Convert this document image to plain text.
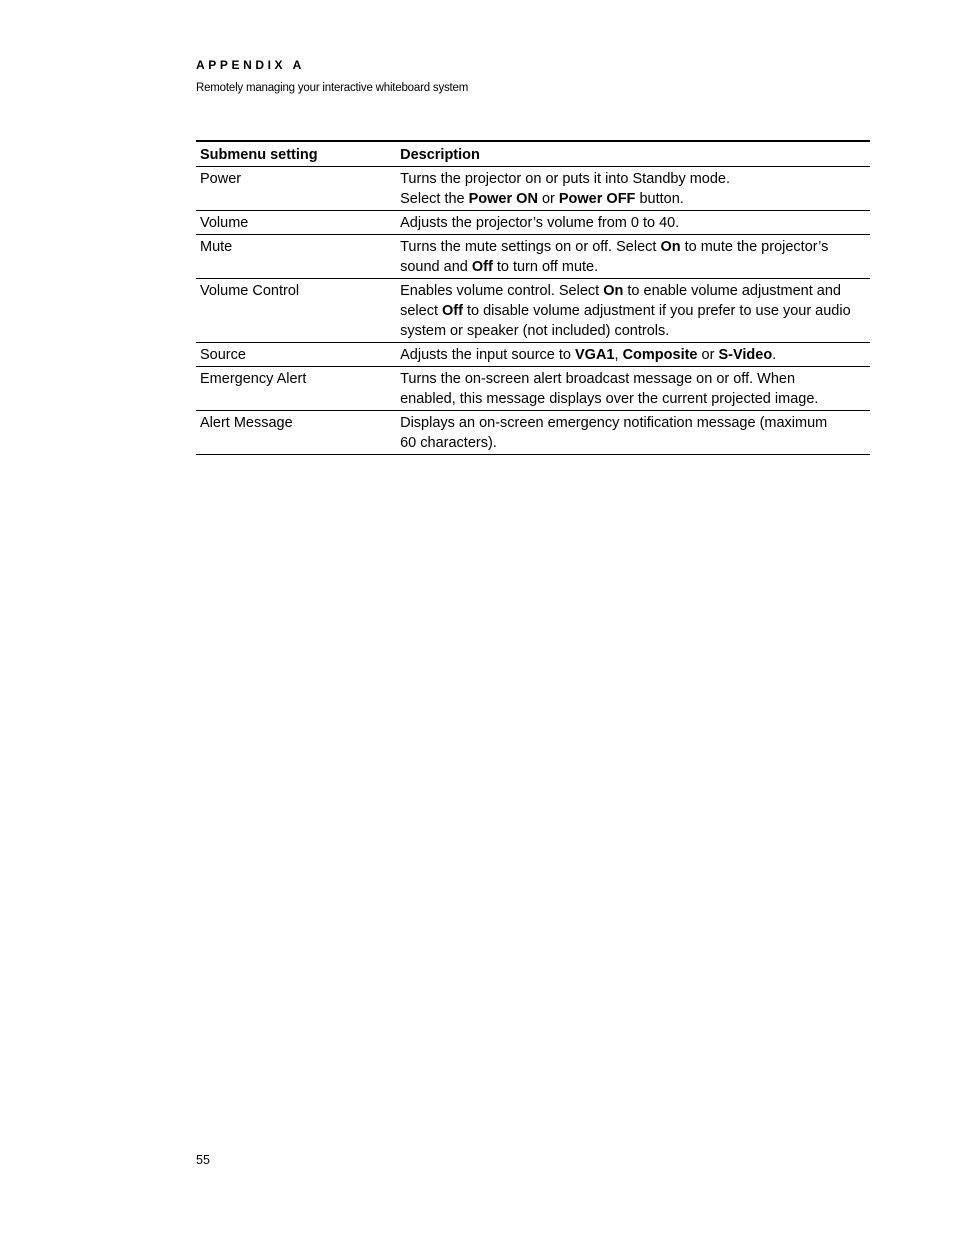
APPENDIX A
Remotely managing your interactive whiteboard system
Submenu setting	Description
Power	Turns the projector on or puts it into Standby mode.
Select the Power ON or Power OFF button.

Volume	Adjusts the projector’s volume from 0 to 40.

Mute	Turns the mute settings on or off. Select On to mute the projector’s
sound and Off to turn off mute.

Volume Control	Enables volume control. Select On to enable volume adjustment and
select Off to disable volume adjustment if you prefer to use your audio
system or speaker (not included) controls.

Source	Adjusts the input source to VGA1, Composite or S-Video.

Emergency Alert	Turns the on-screen alert broadcast message on or off. When
enabled, this message displays over the current projected image.

Alert Message	Displays an on-screen emergency notification message (maximum
60 characters).
55
